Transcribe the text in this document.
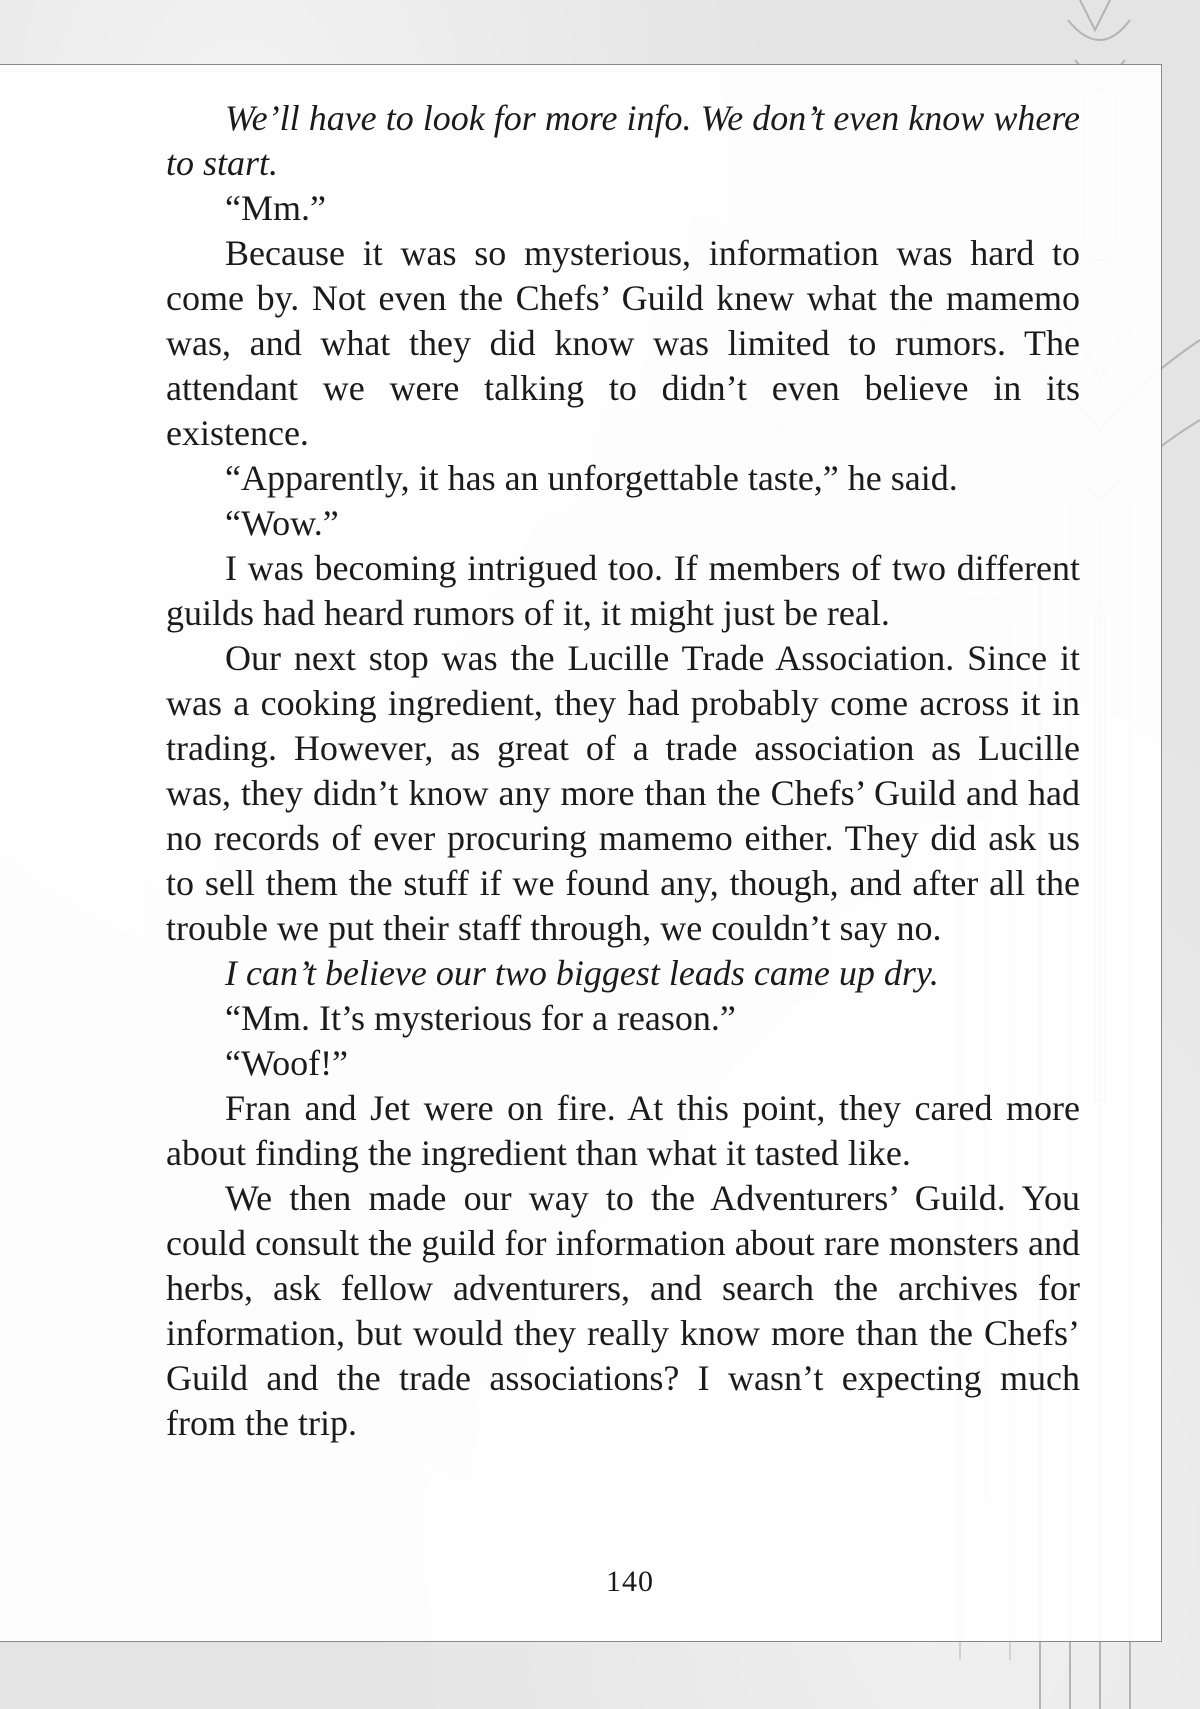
We’ll have to look for more info. We don’t even know where to start.

“Mm.”

Because it was so mysterious, information was hard to come by. Not even the Chefs’ Guild knew what the mamemo was, and what they did know was limited to rumors. The attendant we were talking to didn’t even believe in its existence.

“Apparently, it has an unforgettable taste,” he said.

“Wow.”

I was becoming intrigued too. If members of two different guilds had heard rumors of it, it might just be real.

Our next stop was the Lucille Trade Association. Since it was a cooking ingredient, they had probably come across it in trading. However, as great of a trade association as Lucille was, they didn’t know any more than the Chefs’ Guild and had no records of ever procuring mamemo either. They did ask us to sell them the stuff if we found any, though, and after all the trouble we put their staff through, we couldn’t say no.

I can’t believe our two biggest leads came up dry.

“Mm. It’s mysterious for a reason.”

“Woof!”

Fran and Jet were on fire. At this point, they cared more about finding the ingredient than what it tasted like.

We then made our way to the Adventurers’ Guild. You could consult the guild for information about rare monsters and herbs, ask fellow adventurers, and search the archives for information, but would they really know more than the Chefs’ Guild and the trade associations? I wasn’t expecting much from the trip.

140
